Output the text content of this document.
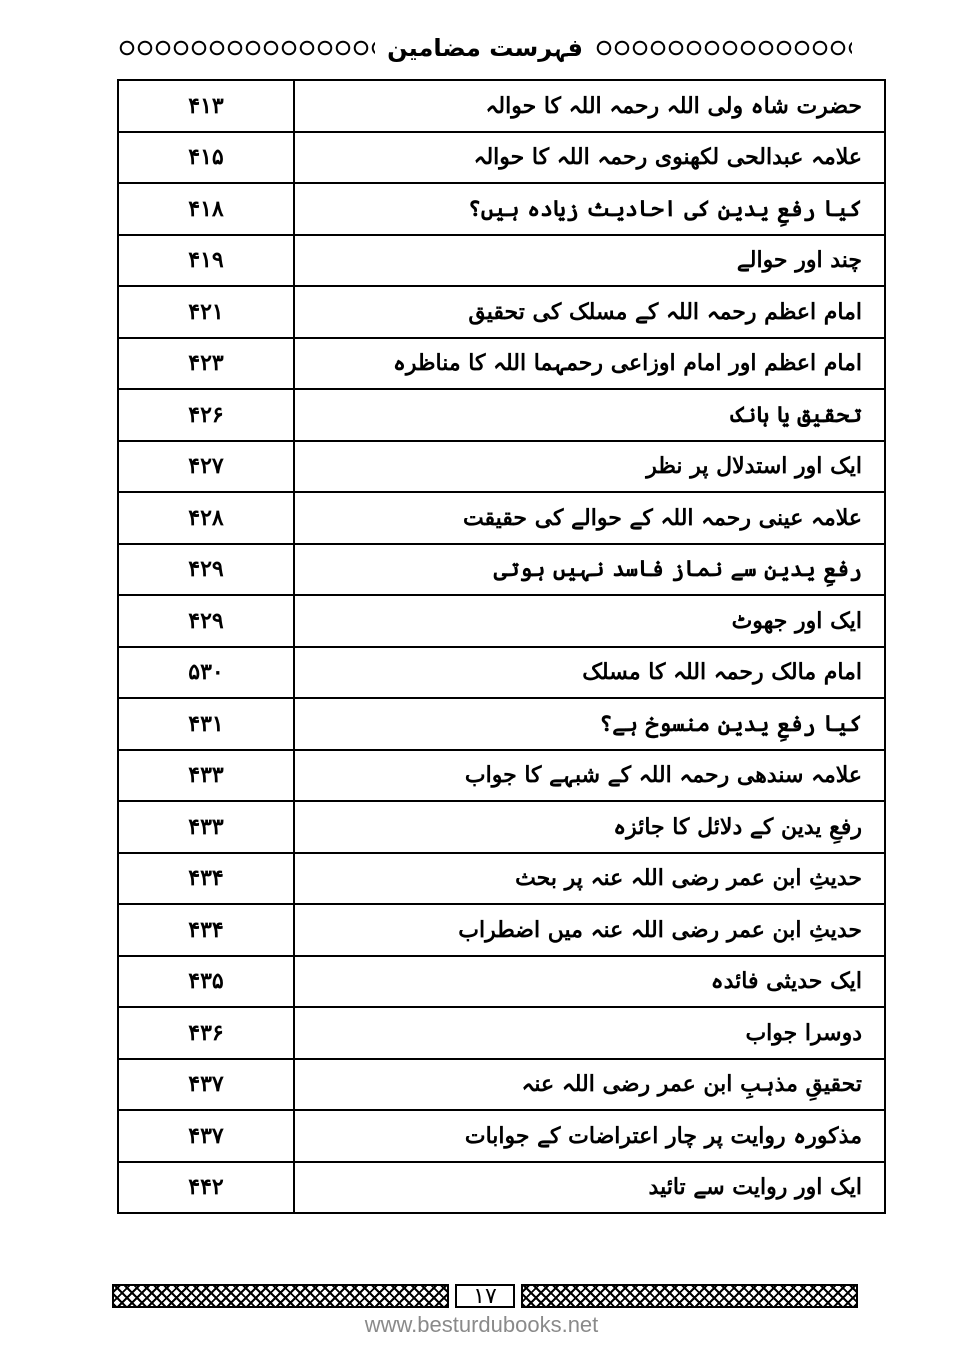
فہرست مضامین
حضرت شاہ ولی اللہ رحمہ اللہ کا حوالہ	۴۱۳
علامہ عبدالحی لکھنوی رحمہ اللہ کا حوالہ	۴۱۵
کیا رفعِ یدین کی احادیث زیادہ ہیں؟	۴۱۸
چند اور حوالے	۴۱۹
امام اعظم رحمہ اللہ کے مسلک کی تحقیق	۴۲۱
امام اعظم اور امام اوزاعی رحمہما اللہ کا مناظرہ	۴۲۳
تحقیق یا ہانک	۴۲۶
ایک اور استدلال پر نظر	۴۲۷
علامہ عینی رحمہ اللہ کے حوالے کی حقیقت	۴۲۸
رفعِ یدین سے نماز فاسد نہیں ہوتی	۴۲۹
ایک اور جھوٹ	۴۲۹
امام مالک رحمہ اللہ کا مسلک	۵۳۰
کیا رفعِ یدین منسوخ ہے؟	۴۳۱
علامہ سندھی رحمہ اللہ کے شبہے کا جواب	۴۳۳
رفعِ یدین کے دلائل کا جائزہ	۴۳۳
حدیثِ ابن عمر رضی اللہ عنہ پر بحث	۴۳۴
حدیثِ ابن عمر رضی اللہ عنہ میں اضطراب	۴۳۴
ایک حدیثی فائدہ	۴۳۵
دوسرا جواب	۴۳۶
تحقیقِ مذہبِ ابن عمر رضی اللہ عنہ	۴۳۷
مذکورہ روایت پر چار اعتراضات کے جوابات	۴۳۷
ایک اور روایت سے تائید	۴۴۲
۱۷
www.besturdubooks.net
